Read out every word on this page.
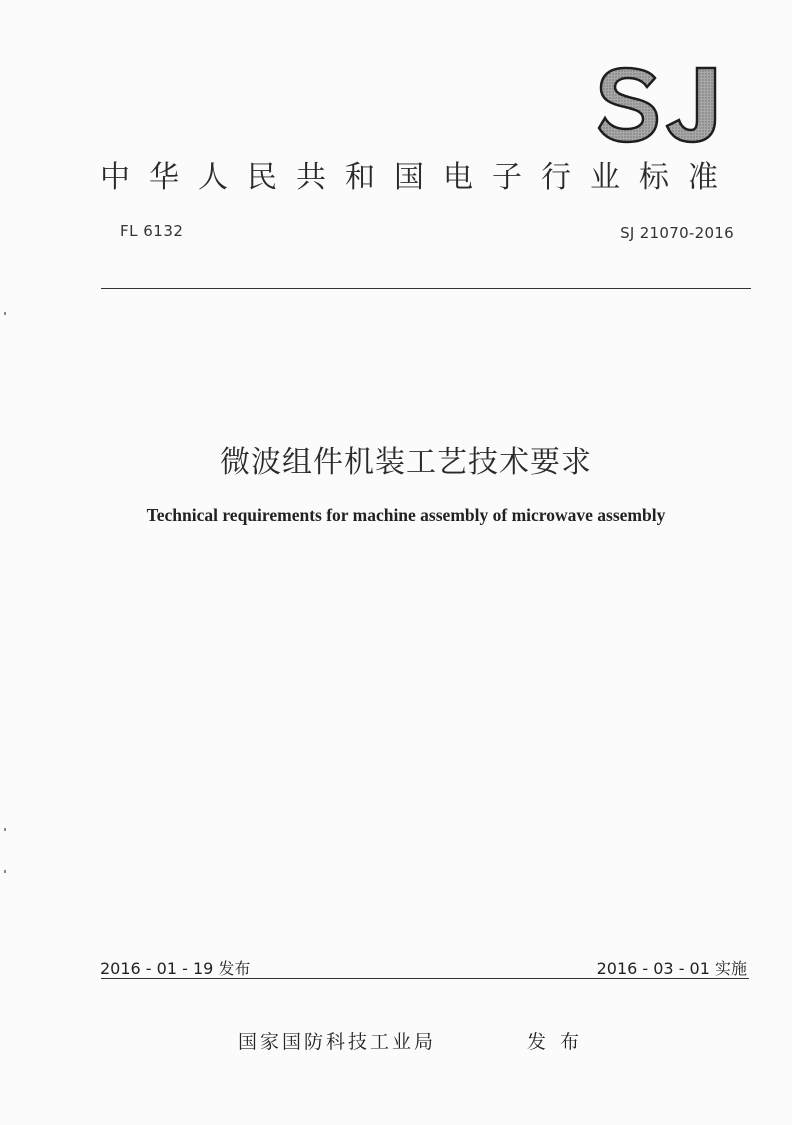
中华人民共和国电子行业标准
FL 6132	SJ 21070-2016
微波组件机装工艺技术要求
Technical requirements for machine assembly of microwave assembly
2016 - 01 - 19 发布	2016 - 03 - 01 实施
国家国防科技工业局	发布
